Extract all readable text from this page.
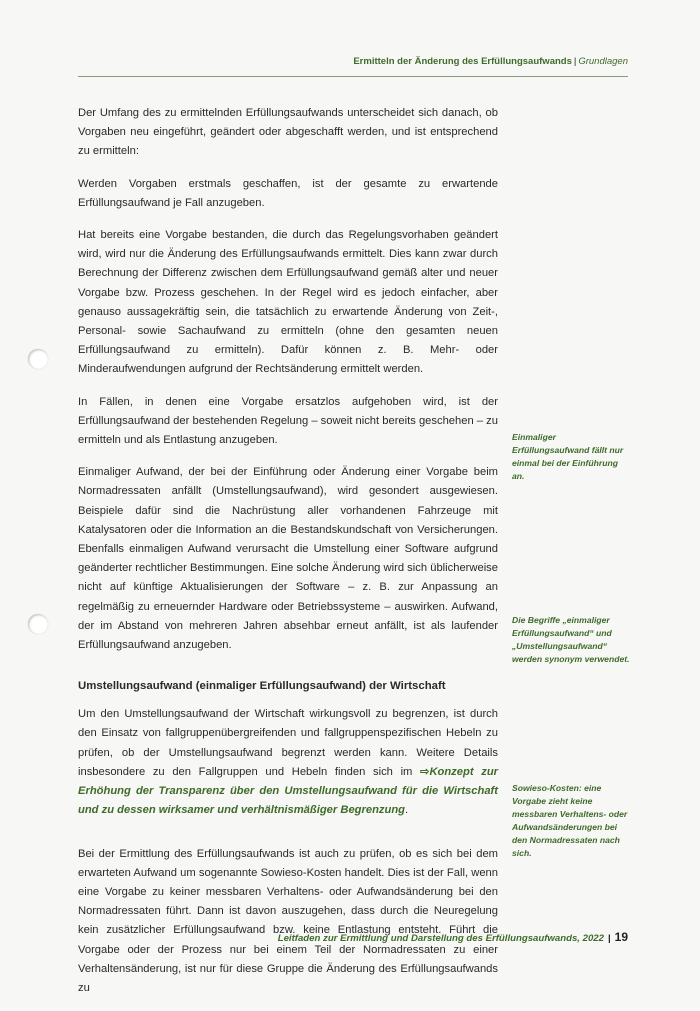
Ermitteln der Änderung des Erfüllungsaufwands | Grundlagen

Der Umfang des zu ermittelnden Erfüllungsaufwands unterscheidet sich danach, ob Vorgaben neu eingeführt, geändert oder abgeschafft werden, und ist entsprechend zu ermitteln:

Werden Vorgaben erstmals geschaffen, ist der gesamte zu erwartende Erfüllungsaufwand je Fall anzugeben.

Hat bereits eine Vorgabe bestanden, die durch das Regelungsvorhaben geändert wird, wird nur die Änderung des Erfüllungsaufwands ermittelt. Dies kann zwar durch Berechnung der Differenz zwischen dem Erfüllungsaufwand gemäß alter und neuer Vorgabe bzw. Prozess geschehen. In der Regel wird es jedoch einfacher, aber genauso aussagekräftig sein, die tatsächlich zu erwartende Änderung von Zeit-, Personal- sowie Sachaufwand zu ermitteln (ohne den gesamten neuen Erfüllungsaufwand zu ermitteln). Dafür können z. B. Mehr- oder Minderaufwendungen aufgrund der Rechtsänderung ermittelt werden.

In Fällen, in denen eine Vorgabe ersatzlos aufgehoben wird, ist der Erfüllungsaufwand der bestehenden Regelung – soweit nicht bereits geschehen – zu ermitteln und als Entlastung anzugeben.

Einmaliger Aufwand, der bei der Einführung oder Änderung einer Vorgabe beim Normadressaten anfällt (Umstellungsaufwand), wird gesondert ausgewiesen. Beispiele dafür sind die Nachrüstung aller vorhandenen Fahrzeuge mit Katalysatoren oder die Information an die Bestandskundschaft von Versicherungen. Ebenfalls einmaligen Aufwand verursacht die Umstellung einer Software aufgrund geänderter rechtlicher Bestimmungen. Eine solche Änderung wird sich üblicherweise nicht auf künftige Aktualisierungen der Software – z. B. zur Anpassung an regelmäßig zu erneuernder Hardware oder Betriebssysteme – auswirken. Aufwand, der im Abstand von mehreren Jahren absehbar erneut anfällt, ist als laufender Erfüllungsaufwand anzugeben.

Umstellungsaufwand (einmaliger Erfüllungsaufwand) der Wirtschaft

Um den Umstellungsaufwand der Wirtschaft wirkungsvoll zu begrenzen, ist durch den Einsatz von fallgruppenübergreifenden und fallgruppenspezifischen Hebeln zu prüfen, ob der Umstellungsaufwand begrenzt werden kann. Weitere Details insbesondere zu den Fallgruppen und Hebeln finden sich im ⇨Konzept zur Erhöhung der Transparenz über den Umstellungsaufwand für die Wirtschaft und zu dessen wirksamer und verhältnismäßiger Begrenzung.

Bei der Ermittlung des Erfüllungsaufwands ist auch zu prüfen, ob es sich bei dem erwarteten Aufwand um sogenannte Sowieso-Kosten handelt. Dies ist der Fall, wenn eine Vorgabe zu keiner messbaren Verhaltens- oder Aufwandsänderung bei den Normadressaten führt. Dann ist davon auszugehen, dass durch die Neuregelung kein zusätzlicher Erfüllungsaufwand bzw. keine Entlastung entsteht. Führt die Vorgabe oder der Prozess nur bei einem Teil der Normadressaten zu einer Verhaltensänderung, ist nur für diese Gruppe die Änderung des Erfüllungsaufwands zu

Einmaliger Erfüllungsaufwand fällt nur einmal bei der Einführung an.
Die Begriffe „einmaliger Erfüllungsaufwand“ und „Umstellungsaufwand“ werden synonym verwendet.
Sowieso-Kosten: eine Vorgabe zieht keine messbaren Verhaltens- oder Aufwandsänderungen bei den Normadressaten nach sich.
Leitfaden zur Ermittlung und Darstellung des Erfüllungsaufwands, 2022 | 19
